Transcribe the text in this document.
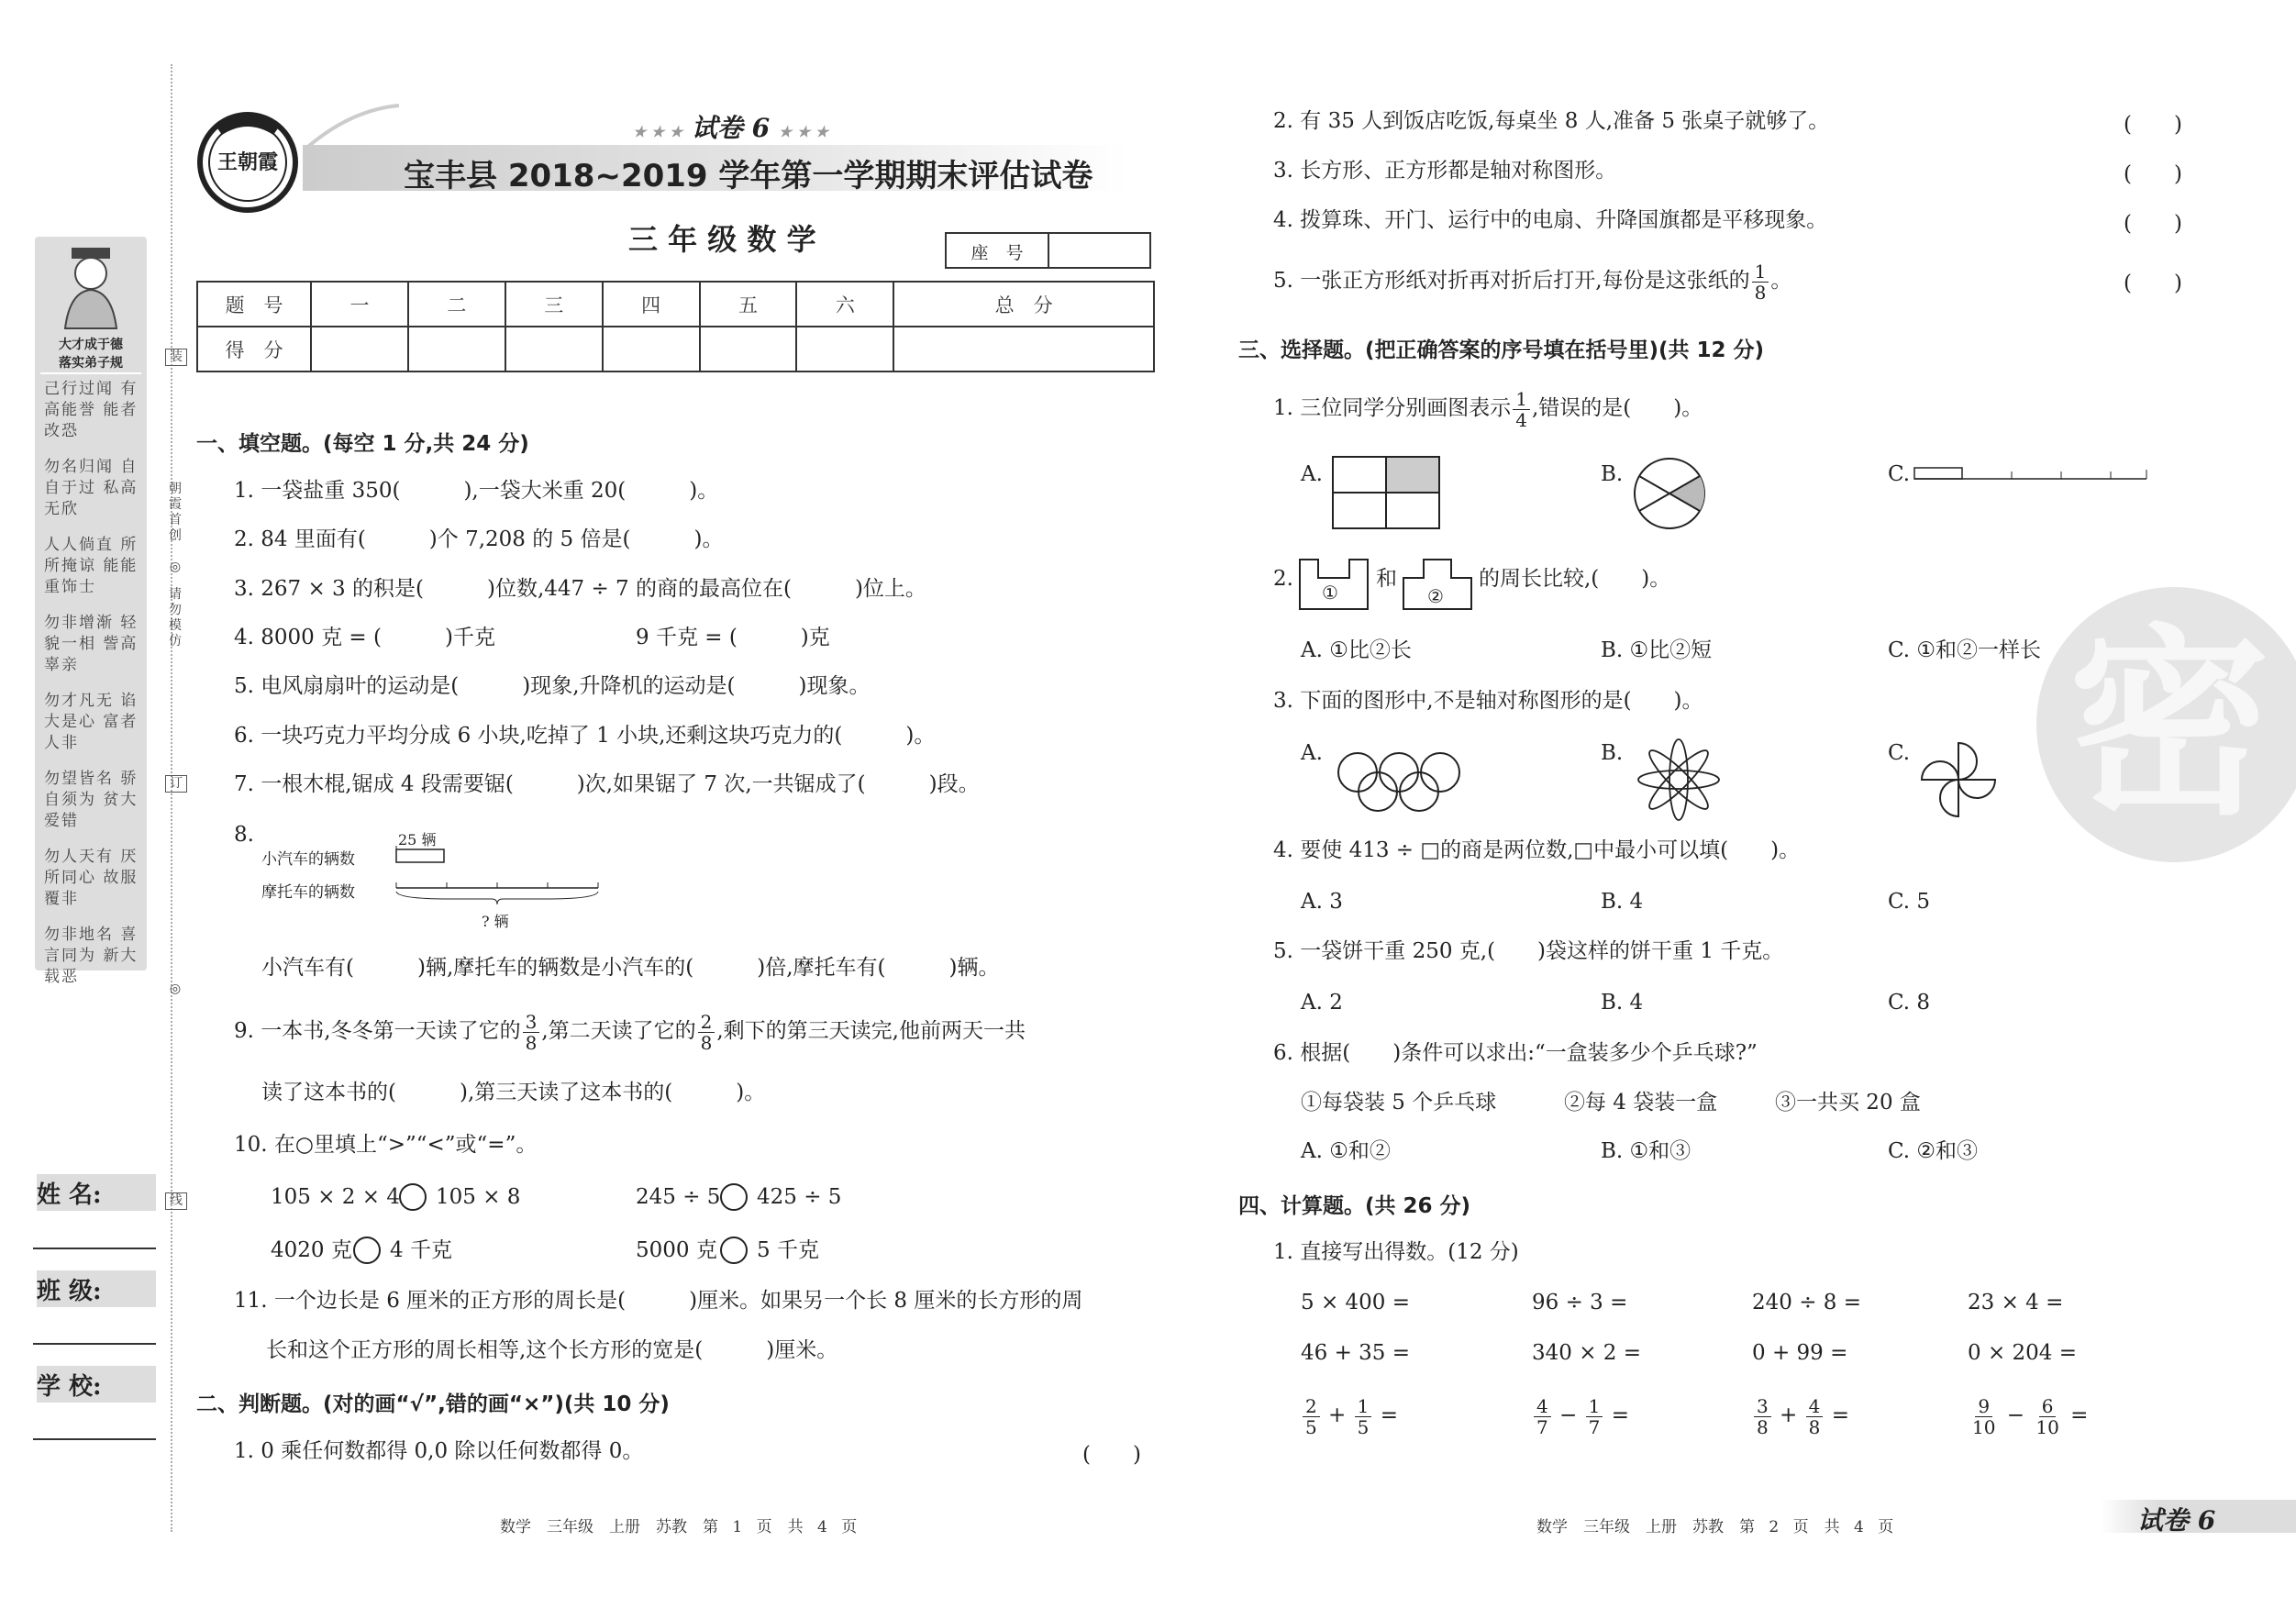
王朝霞
★ ★ ★ 试卷 6 ★ ★ ★
宝丰县 2018~2019 学年第一学期期末评估试卷
三 年 级 数 学	座　号
题　号	一	二	三	四	五	六	总　分
得　分							
大才成于德
落实弟子规
己行过闻 有高能誉 能者改恐
勿名归闻 自自于过 私高无欣
人人倘直 所所掩谅 能能重饰士
勿非增渐 轻貌一相 訾高辜亲
勿才凡无 谄大是心 富者人非
勿望皆名 骄自须为 贫大爱错
勿人天有 厌所同心 故服覆非
勿非地名 喜言同为 新大载恶
装
朝霞首创
◎
请勿模仿
订
◎
线
姓 名:
班 级:
学 校:
一、填空题。(每空 1 分,共 24 分)
1. 一袋盐重 350(　　　),一袋大米重 20(　　　)。
2. 84 里面有(　　　)个 7,208 的 5 倍是(　　　)。
3. 267 × 3 的积是(　　　)位数,447 ÷ 7 的商的最高位在(　　　)位上。
4. 8000 克 = (　　　)千克	9 千克 = (　　　)克
5. 电风扇扇叶的运动是(　　　)现象,升降机的运动是(　　　)现象。
6. 一块巧克力平均分成 6 小块,吃掉了 1 小块,还剩这块巧克力的(　　　)。
7. 一根木棍,锯成 4 段需要锯(　　　)次,如果锯了 7 次,一共锯成了(　　　)段。
8.
小汽车的辆数
摩托车的辆数
25 辆
? 辆
小汽车有(　　　)辆,摩托车的辆数是小汽车的(　　　)倍,摩托车有(　　　)辆。
9. 一本书,冬冬第一天读了它的 $\frac{3}{8}$ ,第二天读了它的 $\frac{2}{8}$ ,剩下的第三天读完,他前两天一共
读了这本书的(　　　),第三天读了这本书的(　　　)。
10. 在○里填上“>”“<”或“=”。
105 × 2 × 4 105 × 8	245 ÷ 5 425 ÷ 5
4020 克 4 千克	5000 克 5 千克
11. 一个边长是 6 厘米的正方形的周长是(　　　)厘米。如果另一个长 8 厘米的长方形的周
长和这个正方形的周长相等,这个长方形的宽是(　　　)厘米。
二、判断题。(对的画“√”,错的画“×”)(共 10 分)
1. 0 乘任何数都得 0,0 除以任何数都得 0。	(　　)
数学　三年级　上册　苏教　第 1 页　共 4 页
密
2. 有 35 人到饭店吃饭,每桌坐 8 人,准备 5 张桌子就够了。	(　　)
3. 长方形、正方形都是轴对称图形。	(　　)
4. 拨算珠、开门、运行中的电扇、升降国旗都是平移现象。	(　　)
5. 一张正方形纸对折再对折后打开,每份是这张纸的 $\frac{1}{8}$ 。	(　　)
三、选择题。(把正确答案的序号填在括号里)(共 12 分)
1. 三位同学分别画图表示 $\frac{1}{4}$ ,错误的是(　　)。
A.	B.	C.
2.
①
和
②
的周长比较,(　　)。
A. ①比②长	B. ①比②短	C. ①和②一样长
3. 下面的图形中,不是轴对称图形的是(　　)。
A.	B.	C.
4. 要使 413 ÷ □的商是两位数,□中最小可以填(　　)。
A. 3	B. 4	C. 5
5. 一袋饼干重 250 克,(　　)袋这样的饼干重 1 千克。
A. 2	B. 4	C. 8
6. 根据(　　)条件可以求出:“一盒装多少个乒乓球?”
①每袋装 5 个乒乓球	②每 4 袋装一盒	③一共买 20 盒
A. ①和②	B. ①和③	C. ②和③
四、计算题。(共 26 分)
1. 直接写出得数。(12 分)
5 × 400 =	96 ÷ 3 =	240 ÷ 8 =	23 × 4 =
46 + 35 =	340 × 2 =	0 + 99 =	0 × 204 =
$\frac{2}{5} + \frac{1}{5}$ =	$\frac{4}{7} - \frac{1}{7}$ =	$\frac{3}{8} + \frac{4}{8}$ =	$\frac{9}{10} - \frac{6}{10}$ =
数学　三年级　上册　苏教　第 2 页　共 4 页	试卷 6
